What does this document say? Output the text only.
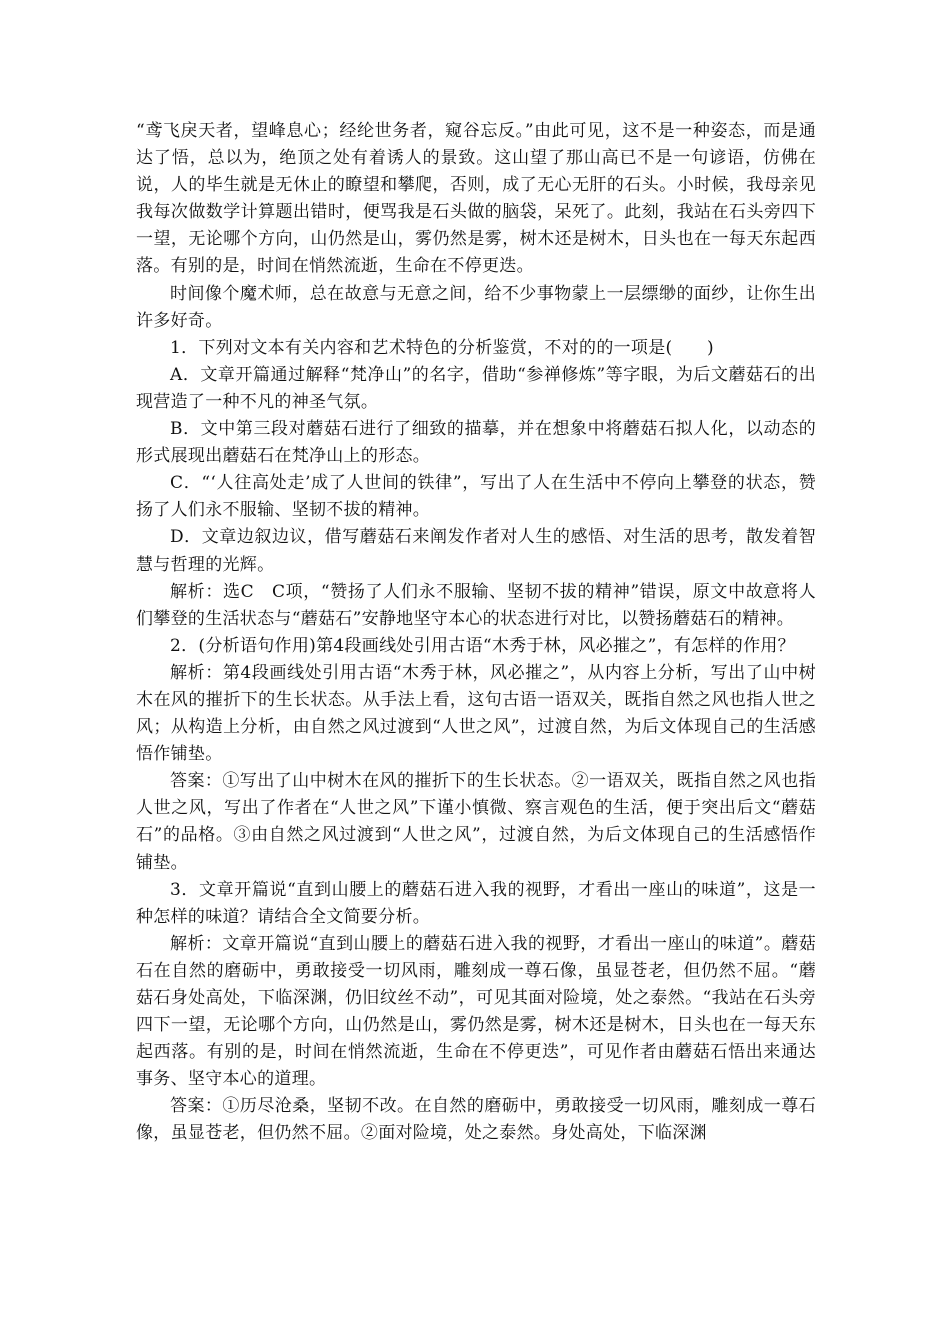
“鸢飞戾天者，望峰息心；经纶世务者，窥谷忘反。”由此可见，这不是一种姿态，而是通达了悟，总以为，绝顶之处有着诱人的景致。这山望了那山高已不是一句谚语，仿佛在说，人的毕生就是无休止的瞭望和攀爬，否则，成了无心无肝的石头。小时候，我母亲见我每次做数学计算题出错时，便骂我是石头做的脑袋，呆死了。此刻，我站在石头旁四下一望，无论哪个方向，山仍然是山，雾仍然是雾，树木还是树木，日头也在一每天东起西落。有别的是，时间在悄然流逝，生命在不停更迭。

时间像个魔术师，总在故意与无意之间，给不少事物蒙上一层缥缈的面纱，让你生出许多好奇。

1．下列对文本有关内容和艺术特色的分析鉴赏，不对的的一项是(　　)

A．文章开篇通过解释“梵净山”的名字，借助“参禅修炼”等字眼，为后文蘑菇石的出现营造了一种不凡的神圣气氛。

B．文中第三段对蘑菇石进行了细致的描摹，并在想象中将蘑菇石拟人化，以动态的形式展现出蘑菇石在梵净山上的形态。

C．“‘人往高处走’成了人世间的铁律”，写出了人在生活中不停向上攀登的状态，赞扬了人们永不服输、坚韧不拔的精神。

D．文章边叙边议，借写蘑菇石来阐发作者对人生的感悟、对生活的思考，散发着智慧与哲理的光辉。

解析：选C　C项，“赞扬了人们永不服输、坚韧不拔的精神”错误，原文中故意将人们攀登的生活状态与“蘑菇石”安静地坚守本心的状态进行对比，以赞扬蘑菇石的精神。

2．(分析语句作用)第4段画线处引用古语“木秀于林，风必摧之”，有怎样的作用？

解析：第4段画线处引用古语“木秀于林，风必摧之”，从内容上分析，写出了山中树木在风的摧折下的生长状态。从手法上看，这句古语一语双关，既指自然之风也指人世之风；从构造上分析，由自然之风过渡到“人世之风”，过渡自然，为后文体现自己的生活感悟作铺垫。

答案：①写出了山中树木在风的摧折下的生长状态。②一语双关，既指自然之风也指人世之风，写出了作者在“人世之风”下谨小慎微、察言观色的生活，便于突出后文“蘑菇石”的品格。③由自然之风过渡到“人世之风”，过渡自然，为后文体现自己的生活感悟作铺垫。

3．文章开篇说“直到山腰上的蘑菇石进入我的视野，才看出一座山的味道”，这是一种怎样的味道？请结合全文简要分析。

解析：文章开篇说“直到山腰上的蘑菇石进入我的视野，才看出一座山的味道”。蘑菇石在自然的磨砺中，勇敢接受一切风雨，雕刻成一尊石像，虽显苍老，但仍然不屈。“蘑菇石身处高处，下临深渊，仍旧纹丝不动”，可见其面对险境，处之泰然。“我站在石头旁四下一望，无论哪个方向，山仍然是山，雾仍然是雾，树木还是树木，日头也在一每天东起西落。有别的是，时间在悄然流逝，生命在不停更迭”，可见作者由蘑菇石悟出来通达事务、坚守本心的道理。

答案：①历尽沧桑，坚韧不改。在自然的磨砺中，勇敢接受一切风雨，雕刻成一尊石像，虽显苍老，但仍然不屈。②面对险境，处之泰然。身处高处，下临深渊
